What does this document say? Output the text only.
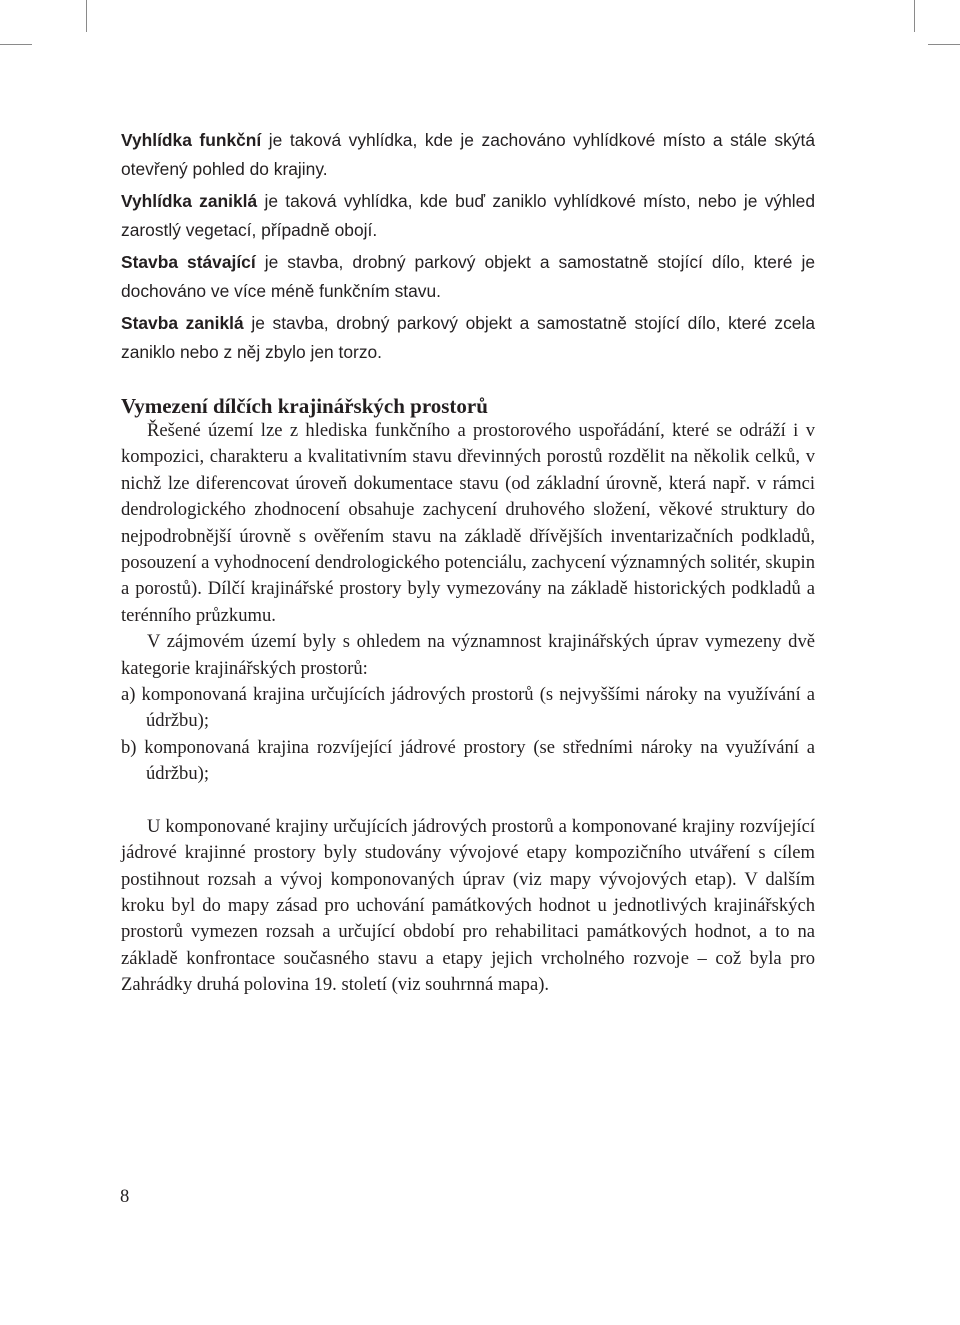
Vyhlídka funkční je taková vyhlídka, kde je zachováno vyhlídkové místo a stále skýtá otevřený pohled do krajiny.

Vyhlídka zaniklá je taková vyhlídka, kde buď zaniklo vyhlídkové místo, nebo je výhled zarostlý vegetací, případně obojí.

Stavba stávající je stavba, drobný parkový objekt a samostatně stojící dílo, které je dochováno ve více méně funkčním stavu.

Stavba zaniklá je stavba, drobný parkový objekt a samostatně stojící dílo, které zcela zaniklo nebo z něj zbylo jen torzo.

Vymezení dílčích krajinářských prostorů

Řešené území lze z hlediska funkčního a prostorového uspořádání, které se odráží i v kompozici, charakteru a kvalitativním stavu dřevinných porostů rozdělit na několik celků, v nichž lze diferencovat úroveň dokumentace stavu (od základní úrovně, která např. v rámci dendrologického zhodnocení obsahuje zachycení druhového složení, věkové struktury do nejpodrobnější úrovně s ověřením stavu na základě dřívějších inventarizačních podkladů, posouzení a vyhodnocení dendrologického potenciálu, zachycení významných solitér, skupin a porostů). Dílčí krajinářské prostory byly vymezovány na základě historických podkladů a terénního průzkumu.

V zájmovém území byly s ohledem na významnost krajinářských úprav vymezeny dvě kategorie krajinářských prostorů:

a) komponovaná krajina určujících jádrových prostorů (s nejvyššími nároky na využívání a údržbu);
b) komponovaná krajina rozvíjející jádrové prostory (se středními nároky na využívání a údržbu);

U komponované krajiny určujících jádrových prostorů a komponované krajiny rozvíjející jádrové krajinné prostory byly studovány vývojové etapy kompozičního utváření s cílem postihnout rozsah a vývoj komponovaných úprav (viz mapy vývojových etap). V dalším kroku byl do mapy zásad pro uchování památkových hodnot u jednotlivých krajinářských prostorů vymezen rozsah a určující období pro rehabilitaci památkových hodnot, a to na základě konfrontace současného stavu a etapy jejich vrcholného rozvoje – což byla pro Zahrádky druhá polovina 19. století (viz souhrnná mapa).

8
